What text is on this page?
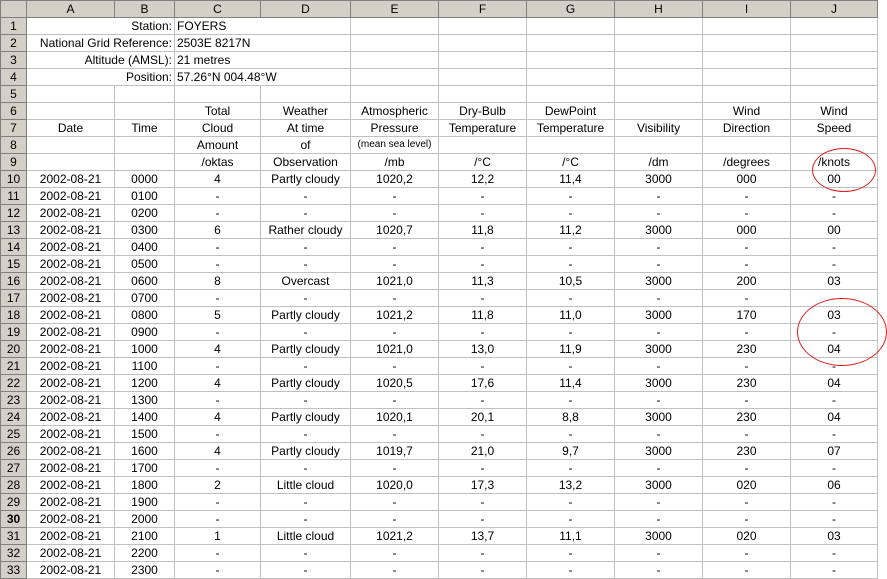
	A	B	C	D	E	F	G	H	I	J
1	Station:		FOYERS							
2	National Grid Reference:		2503E 8217N							
3	Altitude (AMSL):		21 metres							
4	Position:		57.26°N 004.48°W							
5										
6			Total	Weather	Atmospheric	Dry-Bulb	DewPoint		Wind	Wind
7	Date	Time	Cloud	At time	Pressure	Temperature	Temperature	Visibility	Direction	Speed
8			Amount	of	(mean sea level)					
9			/oktas	Observation	/mb	/°C	/°C	/dm	/degrees	/knots
10	2002-08-21	0000	4	Partly cloudy	1020,2	12,2	11,4	3000	000	00
11	2002-08-21	0100	-	-	-	-	-	-	-	-
12	2002-08-21	0200	-	-	-	-	-	-	-	-
13	2002-08-21	0300	6	Rather cloudy	1020,7	11,8	11,2	3000	000	00
14	2002-08-21	0400	-	-	-	-	-	-	-	-
15	2002-08-21	0500	-	-	-	-	-	-	-	-
16	2002-08-21	0600	8	Overcast	1021,0	11,3	10,5	3000	200	03
17	2002-08-21	0700	-	-	-	-	-	-	-	-
18	2002-08-21	0800	5	Partly cloudy	1021,2	11,8	11,0	3000	170	03
19	2002-08-21	0900	-	-	-	-	-	-	-	-
20	2002-08-21	1000	4	Partly cloudy	1021,0	13,0	11,9	3000	230	04
21	2002-08-21	1100	-	-	-	-	-	-	-	-
22	2002-08-21	1200	4	Partly cloudy	1020,5	17,6	11,4	3000	230	04
23	2002-08-21	1300	-	-	-	-	-	-	-	-
24	2002-08-21	1400	4	Partly cloudy	1020,1	20,1	8,8	3000	230	04
25	2002-08-21	1500	-	-	-	-	-	-	-	-
26	2002-08-21	1600	4	Partly cloudy	1019,7	21,0	9,7	3000	230	07
27	2002-08-21	1700	-	-	-	-	-	-	-	-
28	2002-08-21	1800	2	Little cloud	1020,0	17,3	13,2	3000	020	06
29	2002-08-21	1900	-	-	-	-	-	-	-	-
30	2002-08-21	2000	-	-	-	-	-	-	-	-
31	2002-08-21	2100	1	Little cloud	1021,2	13,7	11,1	3000	020	03
32	2002-08-21	2200	-	-	-	-	-	-	-	-
33	2002-08-21	2300	-	-	-	-	-	-	-	-
